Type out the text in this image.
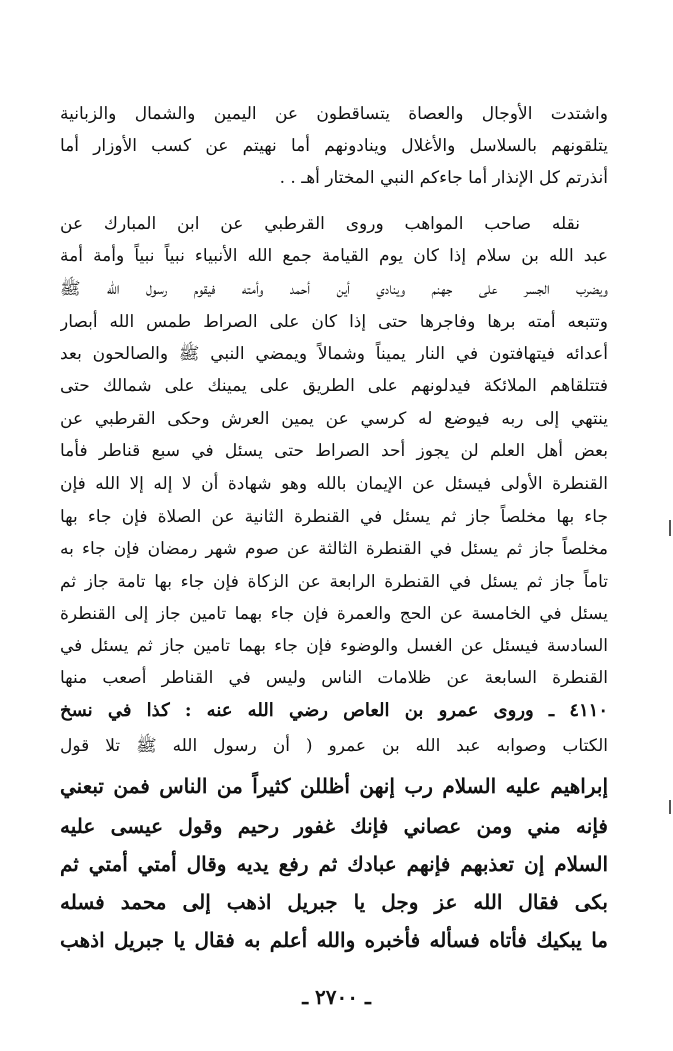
واشتدت الأوجال والعصاة يتساقطون عن اليمين والشمال والزبانية
يتلقونهم بالسلاسل والأغلال وينادونهم أما نهيتم عن كسب الأوزار أما
أنذرتم كل الإنذار أما جاءكم النبي المختار أهـ . .
نقله صاحب المواهب وروى القرطبي عن ابن المبارك عن
عبد الله بن سلام إذا كان يوم القيامة جمع الله الأنبياء نبياً نبياً وأمة أمة
ويضرب الجسر على جهنم وينادي أين أحمد وأمته فيقوم رسول الله ﷺ
وتتبعه أمته برها وفاجرها حتى إذا كان على الصراط طمس الله أبصار
أعدائه فيتهافتون في النار يميناً وشمالاً ويمضي النبي ﷺ والصالحون بعد
فتتلقاهم الملائكة فيدلونهم على الطريق على يمينك على شمالك حتى
ينتهي إلى ربه فيوضع له كرسي عن يمين العرش وحكى القرطبي عن
بعض أهل العلم لن يجوز أحد الصراط حتى يسئل في سبع قناطر فأما
القنطرة الأولى فيسئل عن الإيمان بالله وهو شهادة أن لا إله إلا الله فإن
جاء بها مخلصاً جاز ثم يسئل في القنطرة الثانية عن الصلاة فإن جاء بها
مخلصاً جاز ثم يسئل في القنطرة الثالثة عن صوم شهر رمضان فإن جاء به
تاماً جاز ثم يسئل في القنطرة الرابعة عن الزكاة فإن جاء بها تامة جاز ثم
يسئل في الخامسة عن الحج والعمرة فإن جاء بهما تامين جاز إلى القنطرة
السادسة فيسئل عن الغسل والوضوء فإن جاء بهما تامين جاز ثم يسئل في
القنطرة السابعة عن ظلامات الناس وليس في القناطر أصعب منها
٤١١٠ ـ وروى عمرو بن العاص رضي الله عنه : كذا في نسخ
الكتاب وصوابه عبد الله بن عمرو ( أن رسول الله ﷺ تلا قول
إبراهيم عليه السلام رب إنهن أظللن كثيراً من الناس فمن تبعني
فإنه مني ومن عصاني فإنك غفور رحيم وقول عيسى عليه
السلام إن تعذبهم فإنهم عبادك ثم رفع يديه وقال أمتي أمتي ثم
بكى فقال الله عز وجل يا جبريل اذهب إلى محمد فسله
ما يبكيك فأتاه فسأله فأخبره والله أعلم به فقال يا جبريل اذهب
ـ ٢٧٠٠ ـ
